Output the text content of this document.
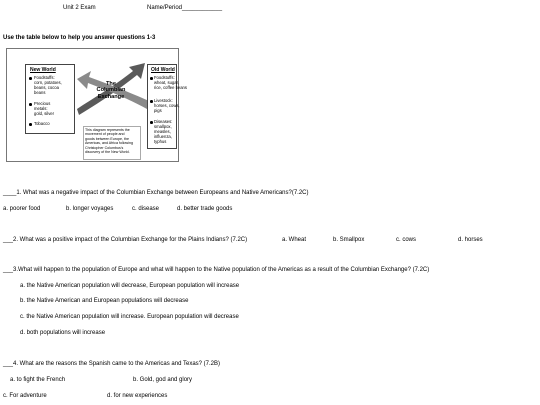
Unit 2 Exam	Name/Period____________
Use the table below to help you answer questions 1-3
New World
Foodstuffs:
corn, potatoes,
beans, cocoa
beans
Precious
metals:
gold, silver
Tobacco
The
Columbian
Exchange
This diagram represents the
movement of people and
goods between Europe, the
Americas, and Africa following
Christopher Columbus's
discovery of the New World.
Old World
Foodstuffs:
wheat, sugar,
rice, coffee beans
Livestock:
horses, cows,
pigs
Diseases:
smallpox,
measles,
influenza,
typhus
____1. What was a negative impact of the Columbian Exchange between Europeans and Native Americans?(7.2C)
a. poorer food	b. longer voyages	c. disease	d. better trade goods
___2. What was a positive impact of the Columbian Exchange for the Plains Indians? (7.2C)	a. Wheat	b. Smallpox	c. cows	d. horses
___3.What will happen to the population of Europe and what will happen to the Native population of the Americas as a result of the Columbian Exchange? (7.2C)
a. the Native American population will decrease, European population will increase
b. the Native American and European populations will decrease
c. the Native American population will increase. European population will decrease
d. both populations will increase
___4. What are the reasons the Spanish came to the Americas and Texas? (7.2B)
a. to fight the French	b. Gold, god and glory
c. For adventure	d. for new experiences
